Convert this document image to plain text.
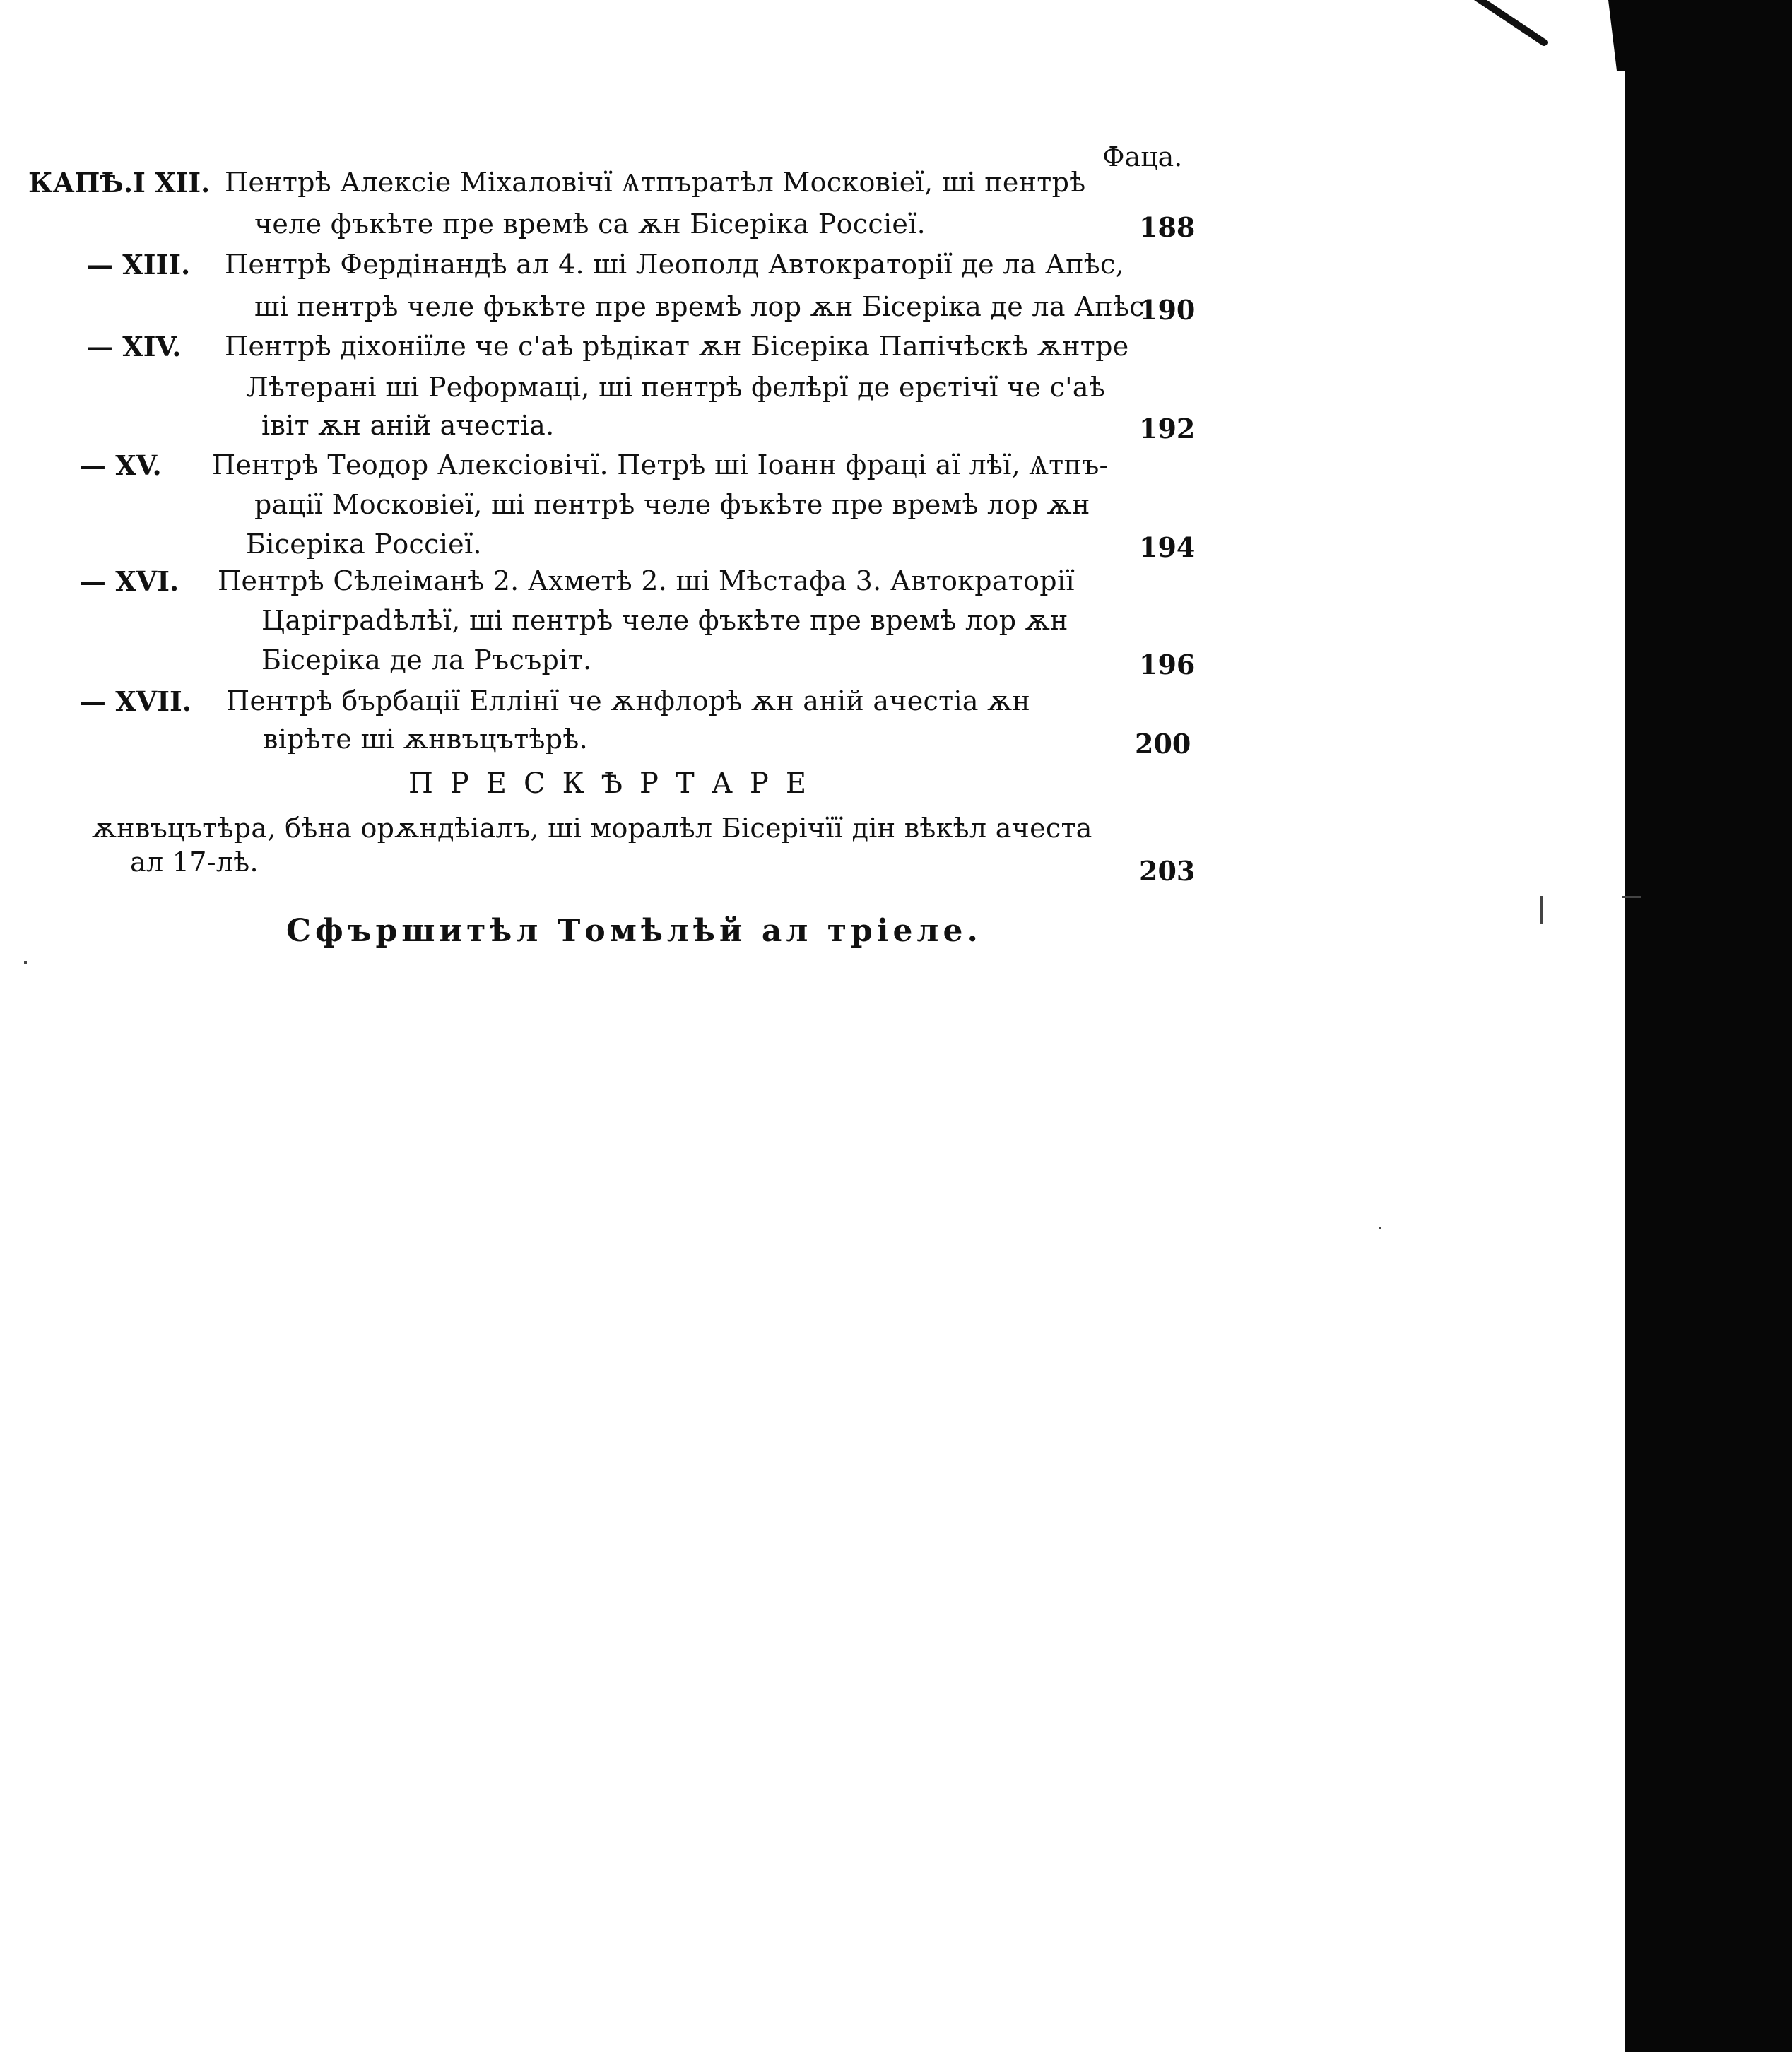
Фаца.
КАПѢ.І XII. Пентрѣ Алексіе Міхаловічї Ѧтпъратѣл Московіеї, ші пентрѣ
челе фъкѣте пре времѣ са ѫн Бісеріка Россіеї.	188
— XIII. Пентрѣ Фердінандѣ ал 4. ші Леополд Автократорії де ла Апѣс,
ші пентрѣ челе фъкѣте пре времѣ лор ѫн Бісеріка де ла Апѣс.
190
— XIV. Пентрѣ діхоніїле че с'аѣ рѣдікат ѫн Бісеріка Папічѣскѣ ѫнтре
Лѣтерані ші Реформаці, ші пентрѣ фелѣрї де ерєтічї че с'аѣ
івіт ѫн аній ачестіа.	192
— XV. Пентрѣ Теодор Алексіовічї. Петрѣ ші Іоанн фраці аї лѣї, Ѧтпъ-
рації Московіеї, ші пентрѣ челе фъкѣте пре времѣ лор ѫн
Бісеріка Россіеї.	194
— XVI. Пентрѣ Сѣлеіманѣ 2. Ахметѣ 2. ші Мѣстафа 3. Автократорії
Царігpadѣлѣї, ші пентрѣ челе фъкѣте пре времѣ лор ѫн
Бісеріка де ла Ръсъріт.	196
— XVII. Пентрѣ бърбації Еллінї че ѫнфлорѣ ѫн аній ачестіа ѫн
вірѣте ші ѫнвъцътѣрѣ.	200
ПРЕСКѢРТАРЕ
ѫнвъцътѣра, бѣна орѫндѣіалъ, ші моралѣл Бісерічїї дін вѣкѣл ачеста
ал 17-лѣ.	203
Сфършитѣл Томѣлѣй ал тріеле.
